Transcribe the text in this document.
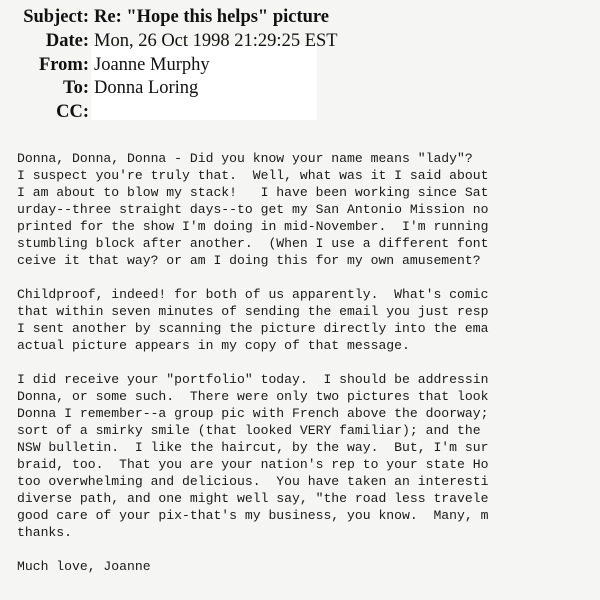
Subject: Re: "Hope this helps" picture
Date: Mon, 26 Oct 1998 21:29:25 EST
From: Joanne Murphy
To: Donna Loring
CC:
Donna, Donna, Donna - Did you know your name means "lady"?
I suspect you're truly that.  Well, what was it I said about
I am about to blow my stack!   I have been working since Sat
urday--three straight days--to get my San Antonio Mission no
printed for the show I'm doing in mid-November.  I'm running
stumbling block after another.  (When I use a different font
ceive it that way? or am I doing this for my own amusement?
Childproof, indeed! for both of us apparently.  What's comic
that within seven minutes of sending the email you just resp
I sent another by scanning the picture directly into the ema
actual picture appears in my copy of that message.
I did receive your "portfolio" today.  I should be addressin
Donna, or some such.  There were only two pictures that look
Donna I remember--a group pic with French above the doorway;
sort of a smirky smile (that looked VERY familiar); and the
NSW bulletin.  I like the haircut, by the way.  But, I'm sur
braid, too.  That you are your nation's rep to your state Ho
too overwhelming and delicious.  You have taken an interesti
diverse path, and one might well say, "the road less travele
good care of your pix-that's my business, you know.  Many, m
thanks.
Much love, Joanne
